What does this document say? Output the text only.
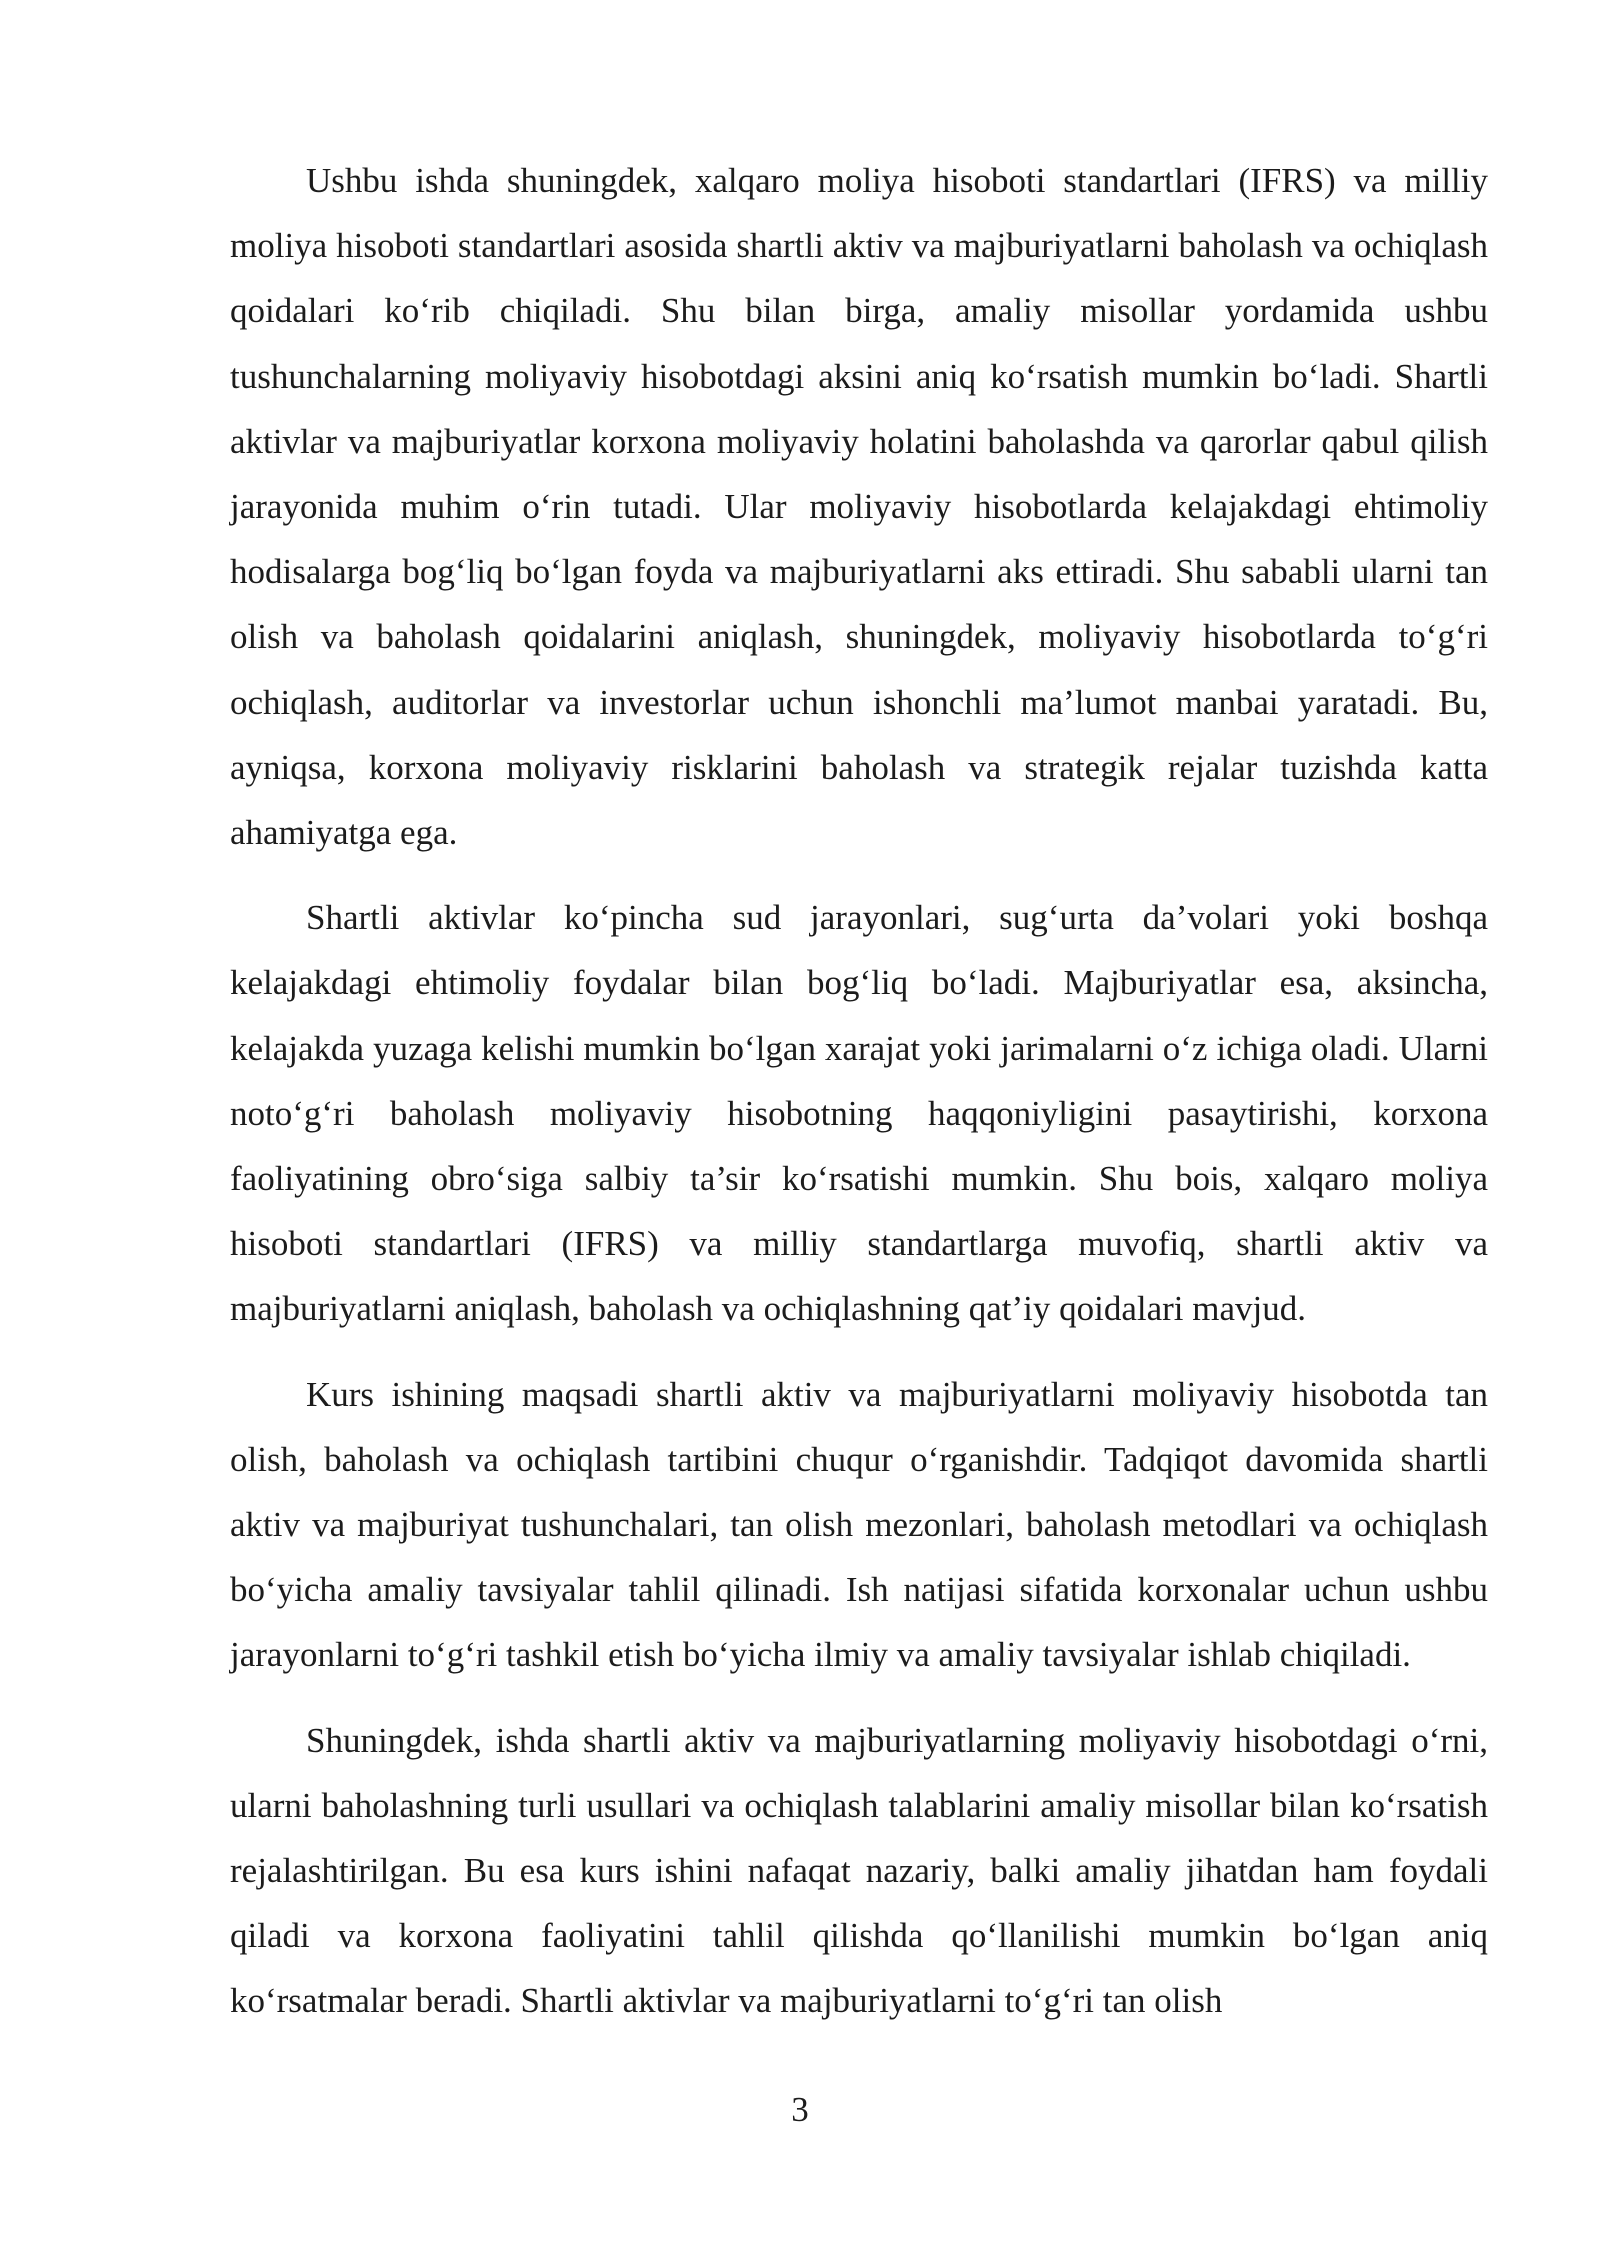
Ushbu ishda shuningdek, xalqaro moliya hisoboti standartlari (IFRS) va milliy moliya hisoboti standartlari asosida shartli aktiv va majburiyatlarni baholash va ochiqlash qoidalari ko‘rib chiqiladi. Shu bilan birga, amaliy misollar yordamida ushbu tushunchalarning moliyaviy hisobotdagi aksini aniq ko‘rsatish mumkin bo‘ladi. Shartli aktivlar va majburiyatlar korxona moliyaviy holatini baholashda va qarorlar qabul qilish jarayonida muhim o‘rin tutadi. Ular moliyaviy hisobotlarda kelajakdagi ehtimoliy hodisalarga bog‘liq bo‘lgan foyda va majburiyatlarni aks ettiradi. Shu sababli ularni tan olish va baholash qoidalarini aniqlash, shuningdek, moliyaviy hisobotlarda to‘g‘ri ochiqlash, auditorlar va investorlar uchun ishonchli ma’lumot manbai yaratadi. Bu, ayniqsa, korxona moliyaviy risklarini baholash va strategik rejalar tuzishda katta ahamiyatga ega.

Shartli aktivlar ko‘pincha sud jarayonlari, sug‘urta da’volari yoki boshqa kelajakdagi ehtimoliy foydalar bilan bog‘liq bo‘ladi. Majburiyatlar esa, aksincha, kelajakda yuzaga kelishi mumkin bo‘lgan xarajat yoki jarimalarni o‘z ichiga oladi. Ularni noto‘g‘ri baholash moliyaviy hisobotning haqqoniyligini pasaytirishi, korxona faoliyatining obro‘siga salbiy ta’sir ko‘rsatishi mumkin. Shu bois, xalqaro moliya hisoboti standartlari (IFRS) va milliy standartlarga muvofiq, shartli aktiv va majburiyatlarni aniqlash, baholash va ochiqlashning qat’iy qoidalari mavjud.

Kurs ishining maqsadi shartli aktiv va majburiyatlarni moliyaviy hisobotda tan olish, baholash va ochiqlash tartibini chuqur o‘rganishdir. Tadqiqot davomida shartli aktiv va majburiyat tushunchalari, tan olish mezonlari, baholash metodlari va ochiqlash bo‘yicha amaliy tavsiyalar tahlil qilinadi. Ish natijasi sifatida korxonalar uchun ushbu jarayonlarni to‘g‘ri tashkil etish bo‘yicha ilmiy va amaliy tavsiyalar ishlab chiqiladi.

Shuningdek, ishda shartli aktiv va majburiyatlarning moliyaviy hisobotdagi o‘rni, ularni baholashning turli usullari va ochiqlash talablarini amaliy misollar bilan ko‘rsatish rejalashtirilgan. Bu esa kurs ishini nafaqat nazariy, balki amaliy jihatdan ham foydali qiladi va korxona faoliyatini tahlil qilishda qo‘llanilishi mumkin bo‘lgan aniq ko‘rsatmalar beradi. Shartli aktivlar va majburiyatlarni to‘g‘ri tan olish

3
